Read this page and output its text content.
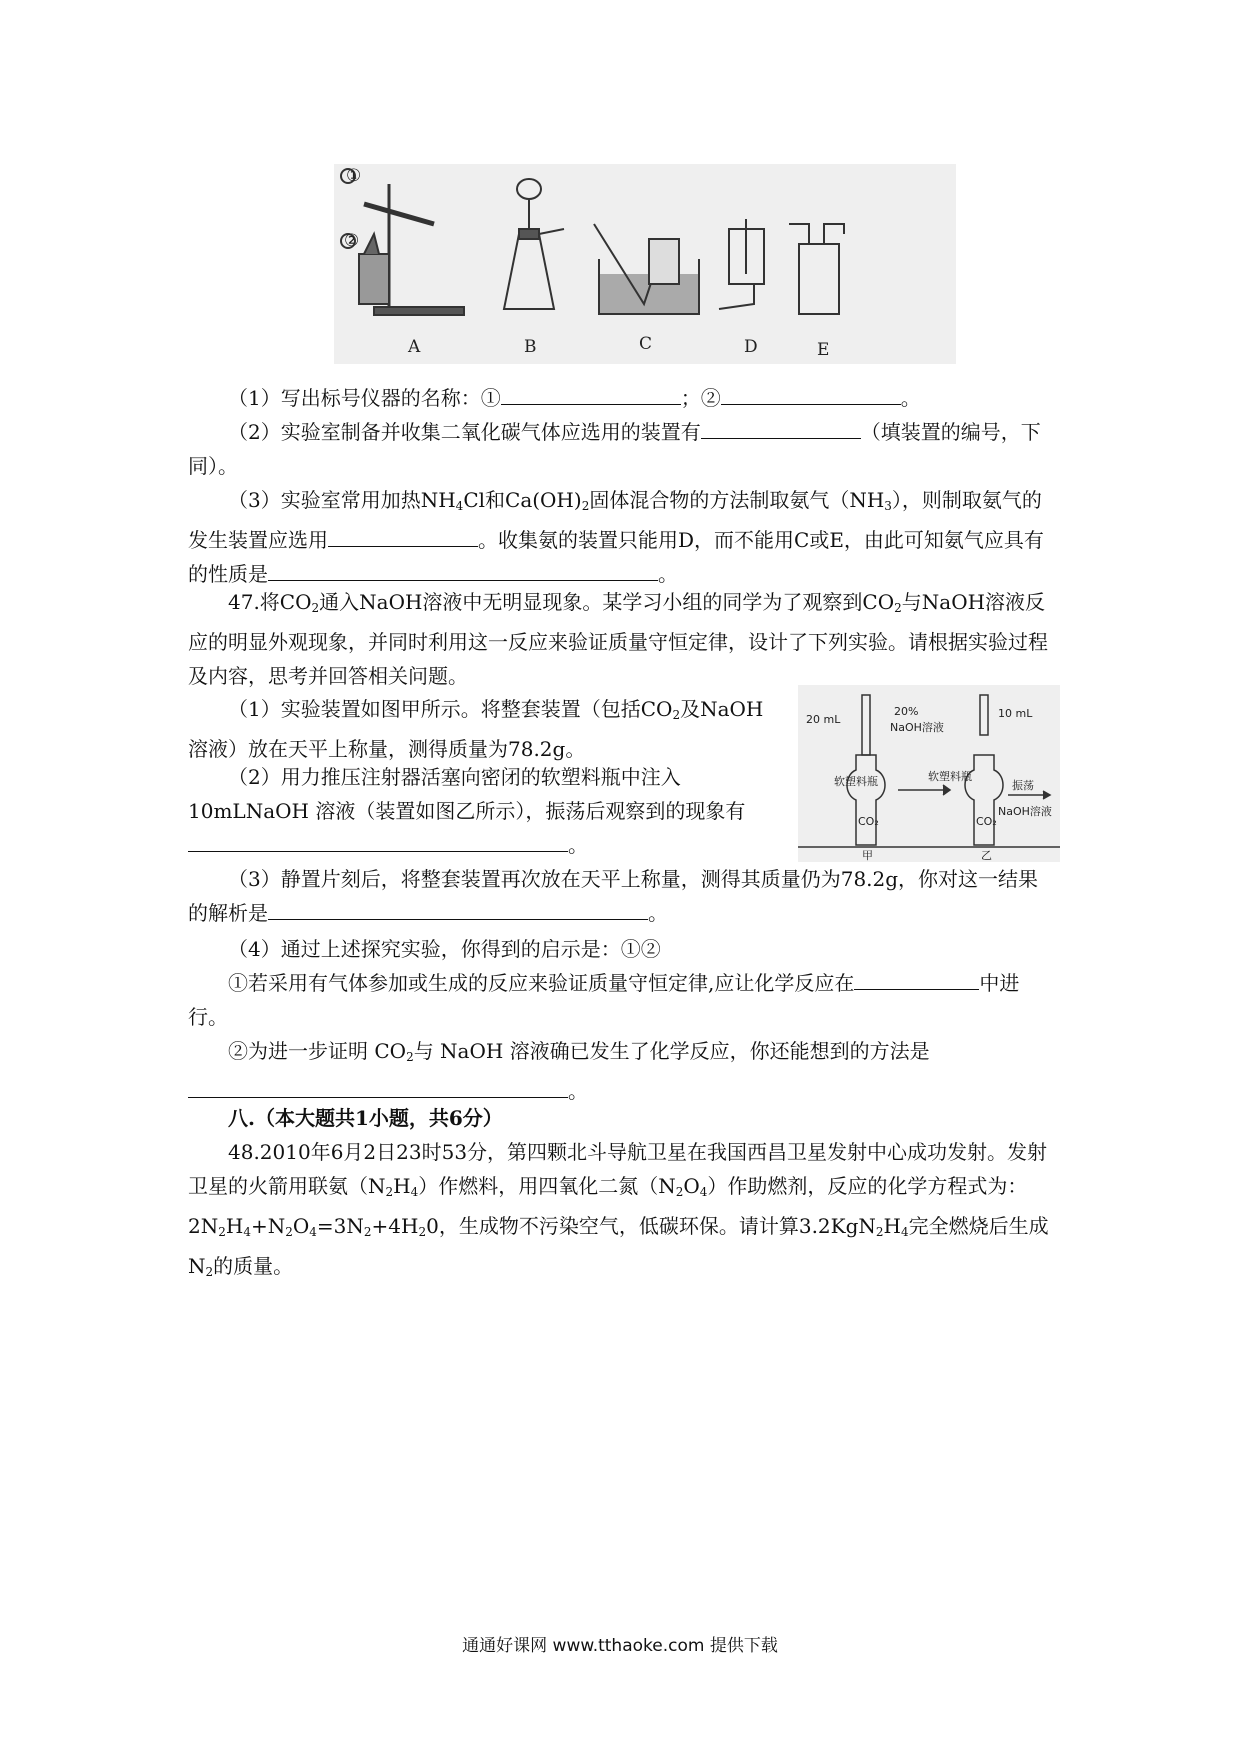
①
②
A	B	C	D	E

（1）写出标号仪器的名称：①	；②	。

（2）实验室制备并收集二氧化碳气体应选用的装置有	（填装置的编号，下同）。

（3）实验室常用加热$NH_4Cl$和$Ca(OH)_2$固体混合物的方法制取氨气$(NH_3)$，则制取氨气的发生装置应选用	。收集氨的装置只能用D，而不能用C或E，由此可知氨气应具有的性质是	。

47.将$CO_2$通入NaOH溶液中无明显现象。某学习小组的同学为了观察到$CO_2$与NaOH溶液反应的明显外观现象，并同时利用这一反应来验证质量守恒定律，设计了下列实验。请根据实验过程及内容，思考并回答相关问题。

（1）实验装置如图甲所示。将整套装置（包括$CO_2$及NaOH溶液）放在天平上称量，测得质量为78.2g。

（2）用力推压注射器活塞向密闭的软塑料瓶中注入10mLNaOH 溶液（装置如图乙所示），振荡后观察到的现象有。

（3）静置片刻后，将整套装置再次放在天平上称量，测得其质量仍为78.2g，你对这一结果的解析是	。

（4）通过上述探究实验，你得到的启示是：①②

①若采用有气体参加或生成的反应来验证质量守恒定律,应让化学反应在	中进行。

②为进一步证明 $CO_2$与 NaOH 溶液确已发生了化学反应，你还能想到的方法是。

20 mL
20%
NaOH溶液
10 mL
软塑料瓶	软塑料瓶
CO₂	CO₂
振荡
NaOH溶液
甲	乙

八.（本大题共1小题，共6分）

48.2010年6月2日23时53分，第四颗北斗导航卫星在我国西昌卫星发射中心成功发射。发射卫星的火箭用联氨$(N_2H_4)$作燃料，用四氧化二氮$(N_2O_4)$作助燃剂，反应的化学方程式为：$2N_2H_4+N_2O_4=3N_2+4H_20$，生成物不污染空气，低碳环保。请计算$3.2KgN_2H_4$完全燃烧后生成$N_2$的质量。

通通好课网 www.tthaoke.com 提供下载
